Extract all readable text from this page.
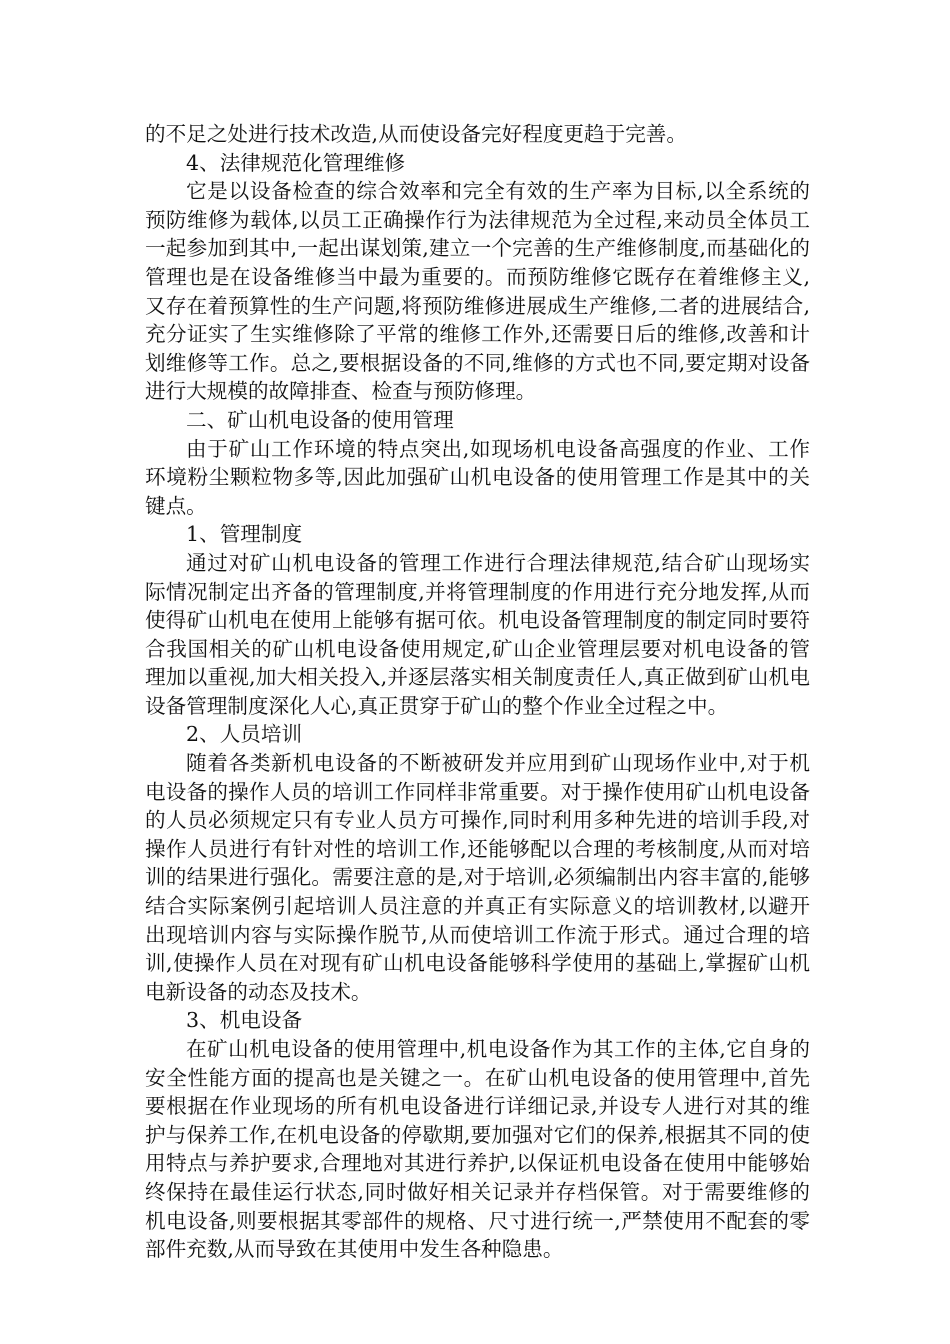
的不足之处进行技术改造,从而使设备完好程度更趋于完善。

4、法律规范化管理维修

它是以设备检查的综合效率和完全有效的生产率为目标,以全系统的预防维修为载体,以员工正确操作行为法律规范为全过程,来动员全体员工一起参加到其中,一起出谋划策,建立一个完善的生产维修制度,而基础化的管理也是在设备维修当中最为重要的。而预防维修它既存在着维修主义,又存在着预算性的生产问题,将预防维修进展成生产维修,二者的进展结合,充分证实了生实维修除了平常的维修工作外,还需要日后的维修,改善和计划维修等工作。总之,要根据设备的不同,维修的方式也不同,要定期对设备进行大规模的故障排查、检查与预防修理。

二、矿山机电设备的使用管理

由于矿山工作环境的特点突出,如现场机电设备高强度的作业、工作环境粉尘颗粒物多等,因此加强矿山机电设备的使用管理工作是其中的关键点。

1、管理制度

通过对矿山机电设备的管理工作进行合理法律规范,结合矿山现场实际情况制定出齐备的管理制度,并将管理制度的作用进行充分地发挥,从而使得矿山机电在使用上能够有据可依。机电设备管理制度的制定同时要符合我国相关的矿山机电设备使用规定,矿山企业管理层要对机电设备的管理加以重视,加大相关投入,并逐层落实相关制度责任人,真正做到矿山机电设备管理制度深化人心,真正贯穿于矿山的整个作业全过程之中。

2、人员培训

随着各类新机电设备的不断被研发并应用到矿山现场作业中,对于机电设备的操作人员的培训工作同样非常重要。对于操作使用矿山机电设备的人员必须规定只有专业人员方可操作,同时利用多种先进的培训手段,对操作人员进行有针对性的培训工作,还能够配以合理的考核制度,从而对培训的结果进行强化。需要注意的是,对于培训,必须编制出内容丰富的,能够结合实际案例引起培训人员注意的并真正有实际意义的培训教材,以避开出现培训内容与实际操作脱节,从而使培训工作流于形式。通过合理的培训,使操作人员在对现有矿山机电设备能够科学使用的基础上,掌握矿山机电新设备的动态及技术。

3、机电设备

在矿山机电设备的使用管理中,机电设备作为其工作的主体,它自身的安全性能方面的提高也是关键之一。在矿山机电设备的使用管理中,首先要根据在作业现场的所有机电设备进行详细记录,并设专人进行对其的维护与保养工作,在机电设备的停歇期,要加强对它们的保养,根据其不同的使用特点与养护要求,合理地对其进行养护,以保证机电设备在使用中能够始终保持在最佳运行状态,同时做好相关记录并存档保管。对于需要维修的机电设备,则要根据其零部件的规格、尺寸进行统一,严禁使用不配套的零部件充数,从而导致在其使用中发生各种隐患。
